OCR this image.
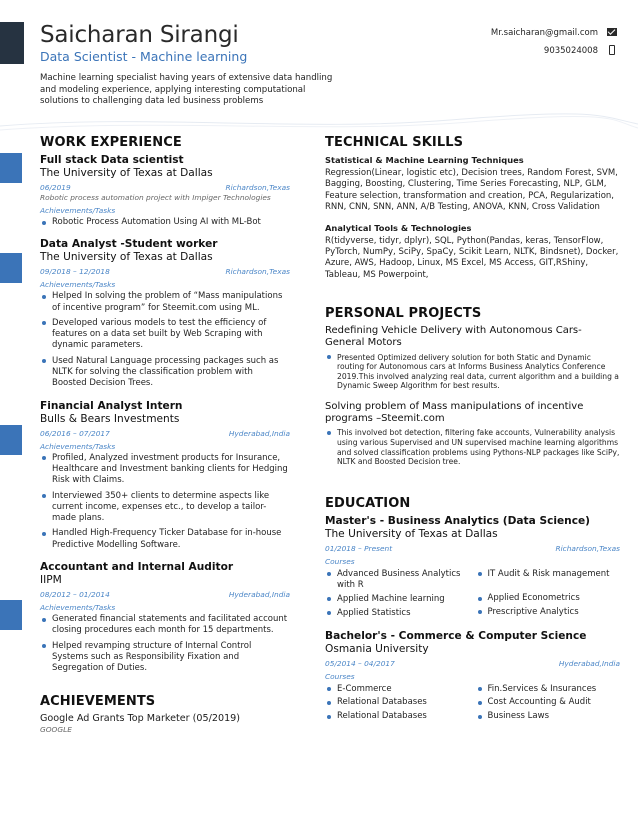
Saicharan Sirangi
Data Scientist - Machine learning
Machine learning specialist having years of extensive data handling and modeling experience, applying interesting computational solutions to challenging data led business problems
Mr.saicharan@gmail.com
9035024008
WORK EXPERIENCE
Full stack Data scientist
The University of Texas at Dallas
06/2019	Richardson,Texas
Robotic process automation project with Impiger Technologies
Achievements/Tasks
Robotic Process Automation Using AI with ML-Bot
Data Analyst -Student worker
The University of Texas at Dallas
09/2018 – 12/2018	Richardson,Texas
Achievements/Tasks
Helped In solving the problem of “Mass manipulations of incentive program” for Steemit.com using ML.
Developed various models to test the efficiency of features on a data set built by Web Scraping with dynamic parameters.
Used Natural Language processing packages such as NLTK for solving the classification problem with Boosted Decision Trees.
Financial Analyst Intern
Bulls & Bears Investments
06/2016 – 07/2017	Hyderabad,India
Achievements/Tasks
Profiled, Analyzed investment products for Insurance, Healthcare and Investment banking clients for Hedging Risk with Claims.
Interviewed 350+ clients to determine aspects like current income, expenses etc., to develop a tailor-made plans.
Handled High-Frequency Ticker Database for in-house Predictive Modelling Software.
Accountant and Internal Auditor
IIPM
08/2012 – 01/2014	Hyderabad,India
Achievements/Tasks
Generated financial statements and facilitated account closing procedures each month for 15 departments.
Helped revamping structure of Internal Control Systems such as Responsibility Fixation and Segregation of Duties.
ACHIEVEMENTS
Google Ad Grants Top Marketer (05/2019)
GOOGLE
TECHNICAL SKILLS
Statistical & Machine Learning Techniques
Regression(Linear, logistic etc), Decision trees, Random Forest, SVM, Bagging, Boosting, Clustering, Time Series Forecasting, NLP, GLM, Feature selection, transformation and creation, PCA, Regularization, RNN, CNN, SNN, ANN, A/B Testing, ANOVA, KNN, Cross Validation
Analytical Tools & Technologies
R(tidyverse, tidyr, dplyr), SQL, Python(Pandas, keras, TensorFlow, PyTorch, NumPy, SciPy, SpaCy, Scikit Learn, NLTK, Bindsnet), Docker, Azure, AWS, Hadoop, Linux, MS Excel, MS Access, GIT,RShiny, Tableau, MS Powerpoint,
PERSONAL PROJECTS
Redefining Vehicle Delivery with Autonomous Cars- General Motors
Presented Optimized delivery solution for both Static and Dynamic routing for Autonomous cars at Informs Business Analytics Conference 2019.This involved analyzing real data, current algorithm and a building a Dynamic Sweep Algorithm for best results.
Solving problem of Mass manipulations of incentive programs –Steemit.com
This involved bot detection, filtering fake accounts, Vulnerability analysis using various Supervised and UN supervised machine learning algorithms and solved classification problems using Pythons-NLP packages like SciPy, NLTK and Boosted Decision tree.
EDUCATION
Master's - Business Analytics (Data Science)
The University of Texas at Dallas
01/2018 – Present	Richardson,Texas
Courses
Advanced Business Analytics with R
Applied Machine learning
Applied Statistics
IT Audit & Risk management
Applied Econometrics
Prescriptive Analytics
Bachelor's - Commerce & Computer Science
Osmania University
05/2014 – 04/2017	Hyderabad,India
Courses
E-Commerce
Relational Databases
Relational Databases
Fin.Services & Insurances
Cost Accounting & Audit
Business Laws
